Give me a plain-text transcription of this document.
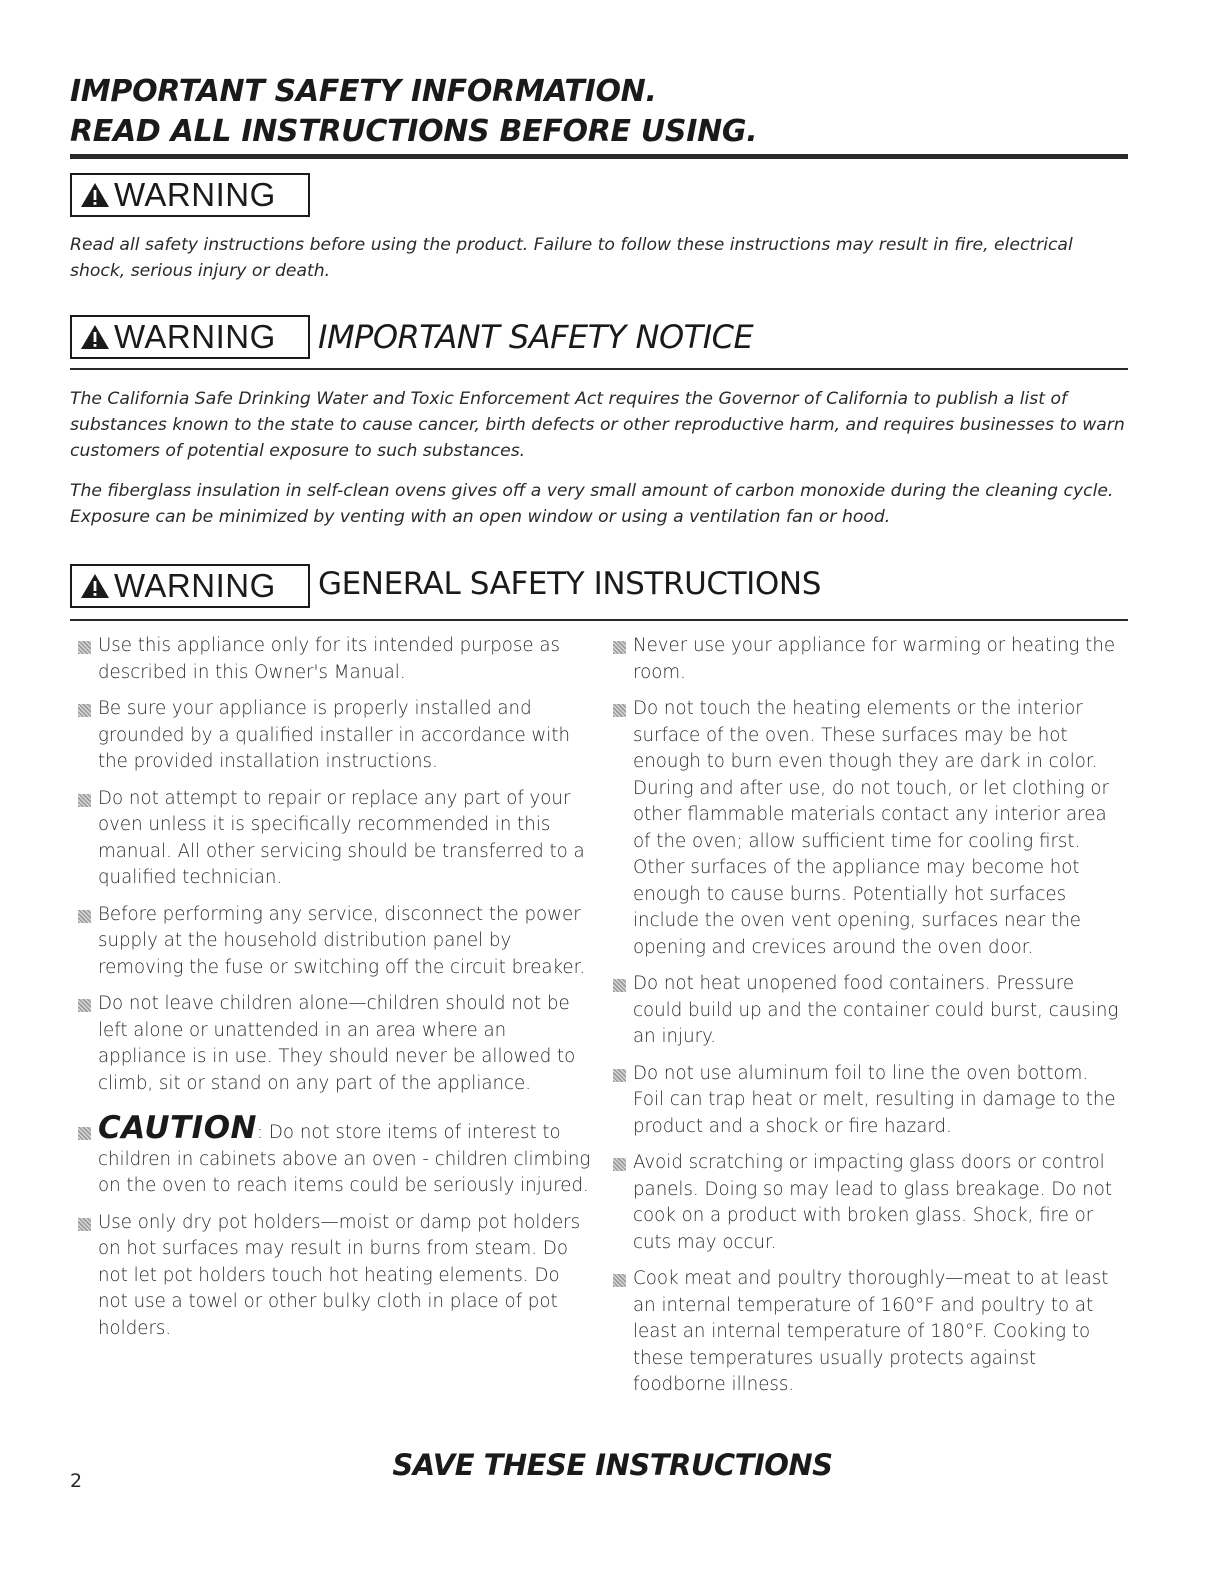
IMPORTANT SAFETY INFORMATION.
READ ALL INSTRUCTIONS BEFORE USING.
WARNING

Read all safety instructions before using the product. Failure to follow these instructions may result in fire, electrical shock, serious injury or death.

WARNING IMPORTANT SAFETY NOTICE

The California Safe Drinking Water and Toxic Enforcement Act requires the Governor of California to publish a list of substances known to the state to cause cancer, birth defects or other reproductive harm, and requires businesses to warn customers of potential exposure to such substances.

The fiberglass insulation in self-clean ovens gives off a very small amount of carbon monoxide during the cleaning cycle. Exposure can be minimized by venting with an open window or using a ventilation fan or hood.

WARNING GENERAL SAFETY INSTRUCTIONS
Use this appliance only for its intended purpose as described in this Owner's Manual.
Be sure your appliance is properly installed and grounded by a qualified installer in accordance with the provided installation instructions.
Do not attempt to repair or replace any part of your oven unless it is specifically recommended in this manual. All other servicing should be transferred to a qualified technician.
Before performing any service, disconnect the power supply at the household distribution panel by removing the fuse or switching off the circuit breaker.
Do not leave children alone—children should not be left alone or unattended in an area where an appliance is in use. They should never be allowed to climb, sit or stand on any part of the appliance.
CAUTION: Do not store items of interest to children in cabinets above an oven - children climbing on the oven to reach items could be seriously injured.
Use only dry pot holders—moist or damp pot holders on hot surfaces may result in burns from steam. Do not let pot holders touch hot heating elements. Do not use a towel or other bulky cloth in place of pot holders.
Never use your appliance for warming or heating the room.
Do not touch the heating elements or the interior surface of the oven. These surfaces may be hot enough to burn even though they are dark in color. During and after use, do not touch, or let clothing or other flammable materials contact any interior area of the oven; allow sufficient time for cooling first. Other surfaces of the appliance may become hot enough to cause burns. Potentially hot surfaces include the oven vent opening, surfaces near the opening and crevices around the oven door.
Do not heat unopened food containers. Pressure could build up and the container could burst, causing an injury.
Do not use aluminum foil to line the oven bottom. Foil can trap heat or melt, resulting in damage to the product and a shock or fire hazard.
Avoid scratching or impacting glass doors or control panels. Doing so may lead to glass breakage. Do not cook on a product with broken glass. Shock, fire or cuts may occur.
Cook meat and poultry thoroughly—meat to at least an internal temperature of 160°F and poultry to at least an internal temperature of 180°F. Cooking to these temperatures usually protects against foodborne illness.
2	SAVE THESE INSTRUCTIONS
